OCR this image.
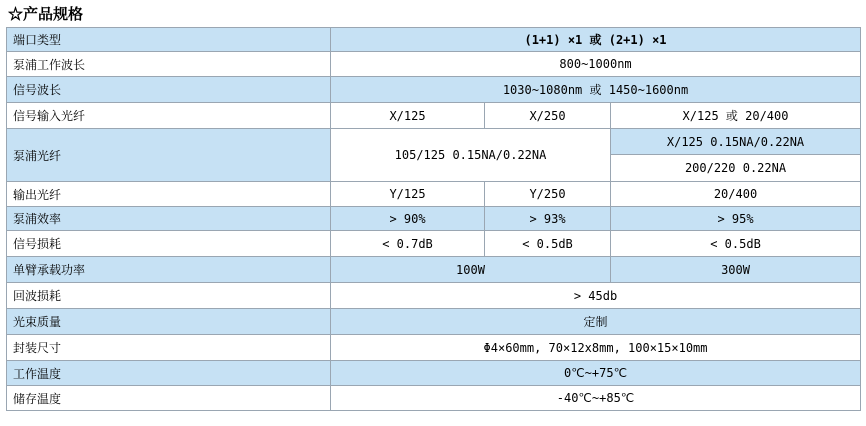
☆产品规格
端口类型	(1+1) ×1 或 (2+1) ×1		
泵浦工作波长	800~1000nm		
信号波长	1030~1080nm 或 1450~1600nm		
信号输入光纤	X/125	X/250	X/125 或 20/400
泵浦光纤	105/125 0.15NA/0.22NA		X/125 0.15NA/0.22NA
			200/220 0.22NA
输出光纤	Y/125	Y/250	20/400
泵浦效率	> 90%	> 93%	> 95%
信号损耗	< 0.7dB	< 0.5dB	< 0.5dB
单臂承载功率	100W		300W
回波损耗	> 45db		
光束质量	定制		
封装尺寸	Φ4×60mm, 70×12x8mm, 100×15×10mm		
工作温度	0℃~+75℃		
储存温度	-40℃~+85℃		
